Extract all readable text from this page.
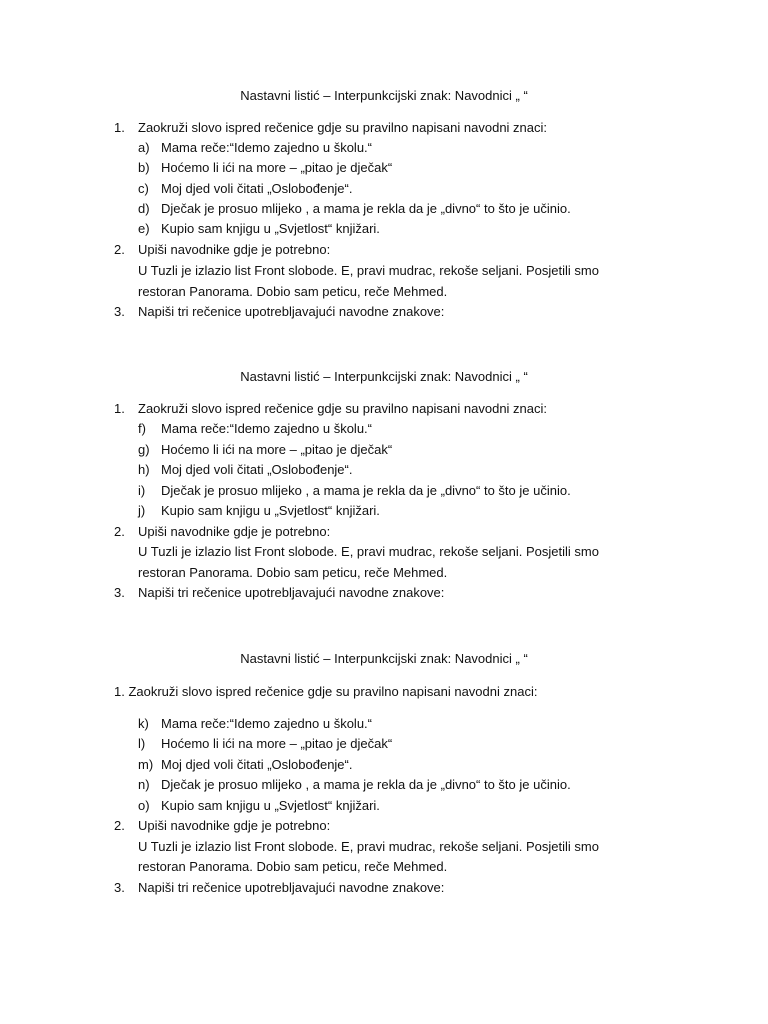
Nastavni listić – Interpunkcijski znak: Navodnici „ “
1.	Zaokruži slovo ispred rečenice gdje su pravilno napisani navodni znaci:
a) Mama reče:“Idemo zajedno u školu.“
b) Hoćemo li ići na more – „pitao je dječak“
c) Moj djed voli čitati „Oslobođenje“.
d) Dječak je prosuo mlijeko , a mama je rekla da je „divno“ to što je učinio.
e) Kupio sam knjigu u „Svjetlost“ knjižari.
2.	Upiši navodnike gdje je potrebno:
U Tuzli je izlazio list Front slobode. E, pravi mudrac, rekoše seljani. Posjetili smo
restoran Panorama. Dobio sam peticu, reče Mehmed.
3.	Napiši tri rečenice upotrebljavajući navodne znakove:
Nastavni listić – Interpunkcijski znak: Navodnici „ “
1.	Zaokruži slovo ispred rečenice gdje su pravilno napisani navodni znaci:
f)	Mama reče:“Idemo zajedno u školu.“
g) Hoćemo li ići na more – „pitao je dječak“
h) Moj djed voli čitati „Oslobođenje“.
i)	Dječak je prosuo mlijeko , a mama je rekla da je „divno“ to što je učinio.
j)	Kupio sam knjigu u „Svjetlost“ knjižari.
2.	Upiši navodnike gdje je potrebno:
U Tuzli je izlazio list Front slobode. E, pravi mudrac, rekoše seljani. Posjetili smo
restoran Panorama. Dobio sam peticu, reče Mehmed.
3.	Napiši tri rečenice upotrebljavajući navodne znakove:
Nastavni listić – Interpunkcijski znak: Navodnici „ “
1. Zaokruži slovo ispred rečenice gdje su pravilno napisani navodni znaci:
k) Mama reče:“Idemo zajedno u školu.“
l)	Hoćemo li ići na more – „pitao je dječak“
m) Moj djed voli čitati „Oslobođenje“.
n) Dječak je prosuo mlijeko , a mama je rekla da je „divno“ to što je učinio.
o) Kupio sam knjigu u „Svjetlost“ knjižari.
2.	Upiši navodnike gdje je potrebno:
U Tuzli je izlazio list Front slobode. E, pravi mudrac, rekoše seljani. Posjetili smo
restoran Panorama. Dobio sam peticu, reče Mehmed.
3.	Napiši tri rečenice upotrebljavajući navodne znakove:
